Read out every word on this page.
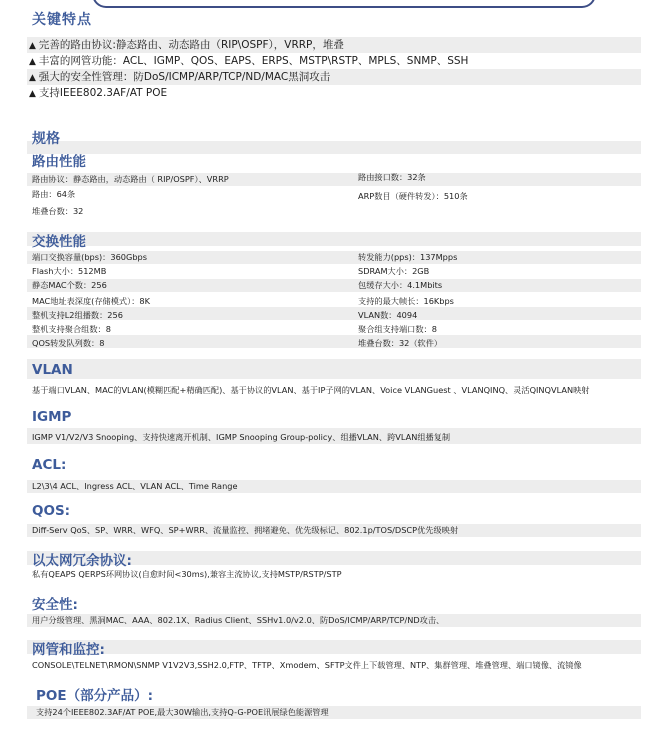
关键特点
▲ 完善的路由协议:静态路由、动态路由（RIP\OSPF），VRRP，堆叠
▲ 丰富的网管功能：ACL、IGMP、QOS、EAPS、ERPS、MSTP\RSTP、MPLS、SNMP、SSH
▲ 强大的安全性管理：防DoS/ICMP/ARP/TCP/ND/MAC黑洞攻击
▲ 支持IEEE802.3AF/AT POE
规格
路由性能
路由协议：静态路由，动态路由（ RIP/OSPF）、VRRP	路由接口数：32条
路由：64条	ARP数目（硬件转发）：510条
堆叠台数：32
交换性能
端口交换容量(bps)：360Gbps
Flash大小：512MB
静态MAC个数：256
MAC地址表深度(存储模式）：8K
整机支持L2组播数：256
整机支持聚合组数：8
QOS转发队列数：8
转发能力(pps)：137Mpps
SDRAM大小：2GB
包缓存大小：4.1Mbits
支持的最大帧长：16Kbps
VLAN数：4094
聚合组支持端口数：8
堆叠台数：32（软件）
VLAN
基于端口VLAN、MAC的VLAN(模糊匹配+精确匹配)、基于协议的VLAN、基于IP子网的VLAN、Voice VLANGuest 、VLANQINQ、灵活QINQVLAN映射
IGMP
IGMP V1/V2/V3 Snooping、支持快速离开机制、IGMP Snooping Group-policy、组播VLAN、跨VLAN组播复制
ACL:
L2\3\4 ACL、Ingress ACL、VLAN ACL、Time Range
QOS:
Diff-Serv QoS、SP、WRR、WFQ、SP+WRR、流量监控、拥堵避免、优先级标记、802.1p/TOS/DSCP优先级映射
以太网冗余协议:
私有QEAPS QERPS环网协议(自愈时间<30ms),兼容主流协议,支持MSTP/RSTP/STP
安全性:
用户分级管理、黑洞MAC、AAA、802.1X、Radius Client、SSHv1.0/v2.0、防DoS/ICMP/ARP/TCP/ND攻击、
网管和监控:
CONSOLE\TELNET\RMON\SNMP V1V2V3,SSH2.0,FTP、TFTP、Xmodem、SFTP文件上下载管理、NTP、集群管理、堆叠管理、端口镜像、流镜像
POE（部分产品）:
支持24个IEEE802.3AF/AT POE,最大30W输出,支持Q-G-POE讯展绿色能源管理
